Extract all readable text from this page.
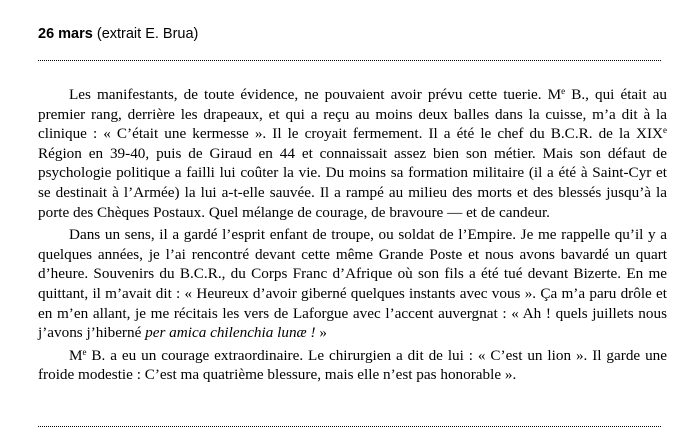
26 mars (extrait E. Brua)

Les manifestants, de toute évidence, ne pouvaient avoir prévu cette tuerie. Me B., qui était au premier rang, derrière les drapeaux, et qui a reçu au moins deux balles dans la cuisse, m’a dit à la clinique : « C’était une kermesse ». Il le croyait fermement. Il a été le chef du B.C.R. de la XIXe Région en 39-40, puis de Giraud en 44 et connaissait assez bien son métier. Mais son défaut de psychologie politique a failli lui coûter la vie. Du moins sa formation militaire (il a été à Saint-Cyr et se destinait à l’Armée) la lui a-t-elle sauvée. Il a rampé au milieu des morts et des blessés jusqu’à la porte des Chèques Postaux. Quel mélange de courage, de bravoure — et de candeur.

Dans un sens, il a gardé l’esprit enfant de troupe, ou soldat de l’Empire. Je me rappelle qu’il y a quelques années, je l’ai rencontré devant cette même Grande Poste et nous avons bavardé un quart d’heure. Souvenirs du B.C.R., du Corps Franc d’Afrique où son fils a été tué devant Bizerte. En me quittant, il m’avait dit : « Heureux d’avoir giberné quelques instants avec vous ». Ça m’a paru drôle et en m’en allant, je me récitais les vers de Laforgue avec l’accent auvergnat : « Ah ! quels juillets nous j’avons j’hiberné per amica chilenchia lunæ ! »

Me B. a eu un courage extraordinaire. Le chirurgien a dit de lui : « C’est un lion ». Il garde une froide modestie : C’est ma quatrième blessure, mais elle n’est pas honorable ».
